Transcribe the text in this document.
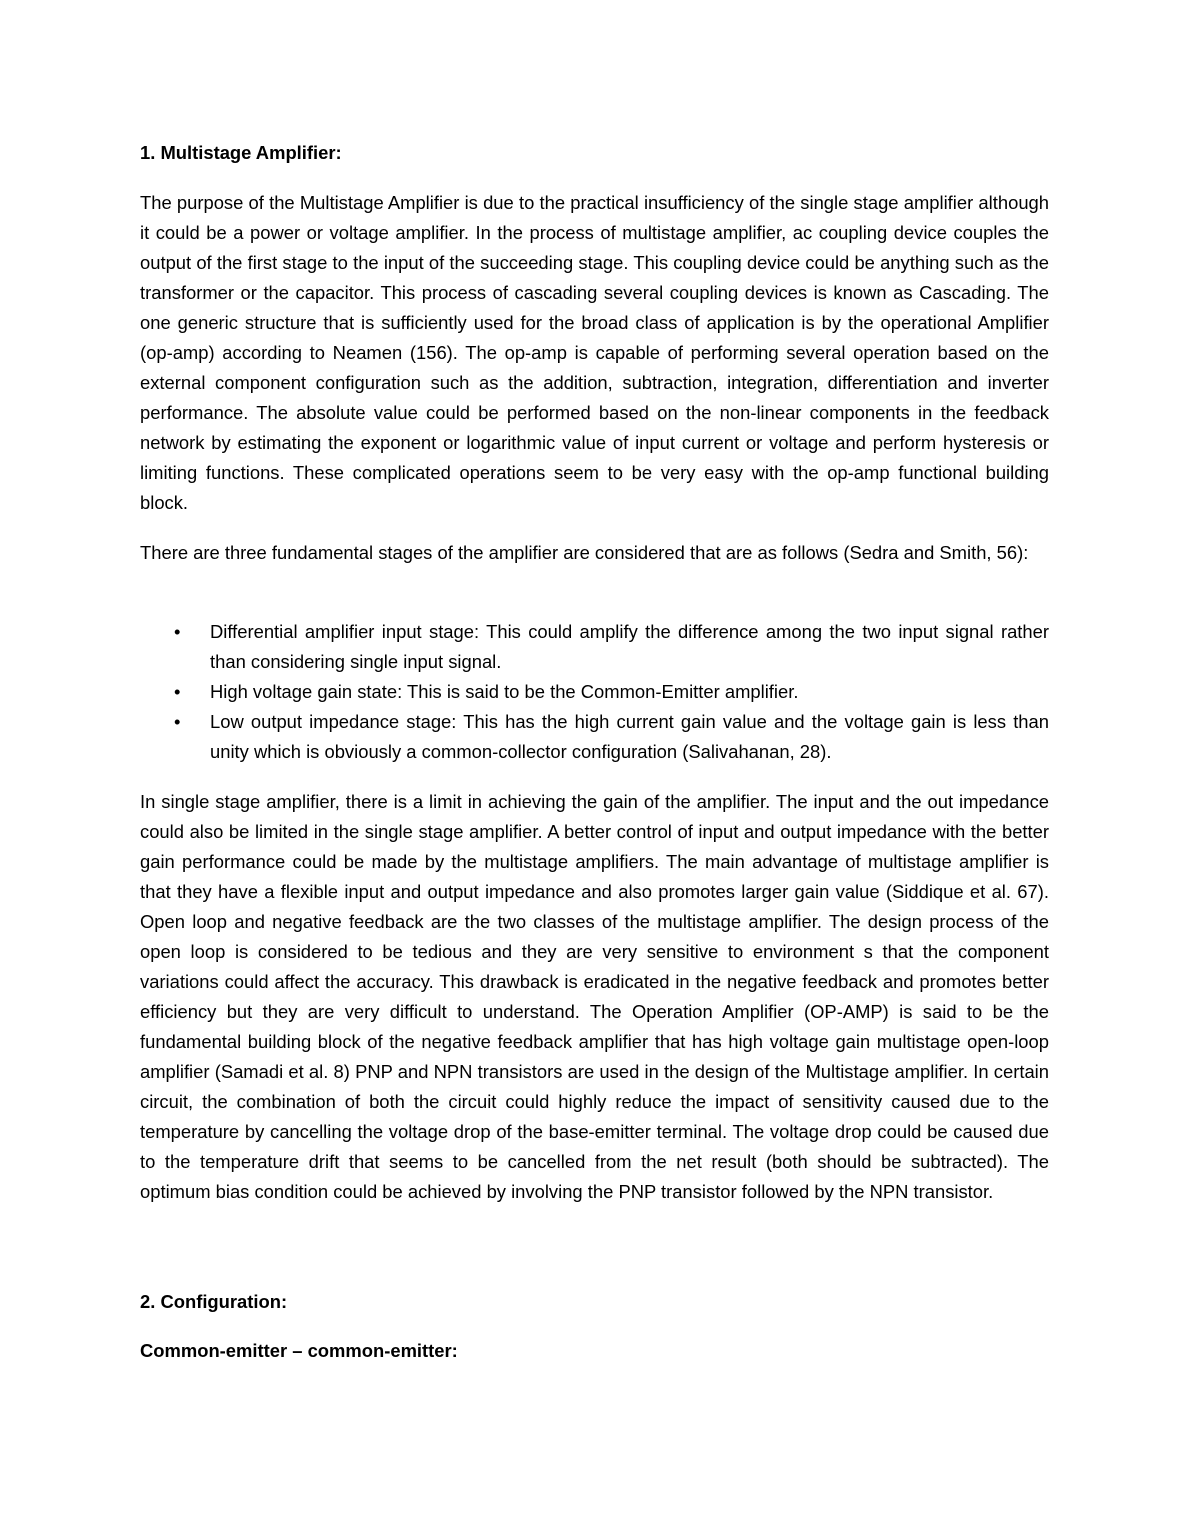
1. Multistage Amplifier:

The purpose of the Multistage Amplifier is due to the practical insufficiency of the single stage amplifier although it could be a power or voltage amplifier. In the process of multistage amplifier, ac coupling device couples the output of the first stage to the input of the succeeding stage. This coupling device could be anything such as the transformer or the capacitor. This process of cascading several coupling devices is known as Cascading. The one generic structure that is sufficiently used for the broad class of application is by the operational Amplifier (op-amp) according to Neamen (156). The op-amp is capable of performing several operation based on the external component configuration such as the addition, subtraction, integration, differentiation and inverter performance. The absolute value could be performed based on the non-linear components in the feedback network by estimating the exponent or logarithmic value of input current or voltage and perform hysteresis or limiting functions. These complicated operations seem to be very easy with the op-amp functional building block.

There are three fundamental stages of the amplifier are considered that are as follows (Sedra and Smith, 56):

• Differential amplifier input stage: This could amplify the difference among the two input signal rather than considering single input signal.
• High voltage gain state: This is said to be the Common-Emitter amplifier.
• Low output impedance stage: This has the high current gain value and the voltage gain is less than unity which is obviously a common-collector configuration (Salivahanan, 28).

In single stage amplifier, there is a limit in achieving the gain of the amplifier. The input and the out impedance could also be limited in the single stage amplifier. A better control of input and output impedance with the better gain performance could be made by the multistage amplifiers. The main advantage of multistage amplifier is that they have a flexible input and output impedance and also promotes larger gain value (Siddique et al. 67). Open loop and negative feedback are the two classes of the multistage amplifier. The design process of the open loop is considered to be tedious and they are very sensitive to environment s that the component variations could affect the accuracy. This drawback is eradicated in the negative feedback and promotes better efficiency but they are very difficult to understand. The Operation Amplifier (OP-AMP) is said to be the fundamental building block of the negative feedback amplifier that has high voltage gain multistage open-loop amplifier (Samadi et al. 8) PNP and NPN transistors are used in the design of the Multistage amplifier. In certain circuit, the combination of both the circuit could highly reduce the impact of sensitivity caused due to the temperature by cancelling the voltage drop of the base-emitter terminal. The voltage drop could be caused due to the temperature drift that seems to be cancelled from the net result (both should be subtracted). The optimum bias condition could be achieved by involving the PNP transistor followed by the NPN transistor.

2. Configuration:
Common-emitter – common-emitter:
